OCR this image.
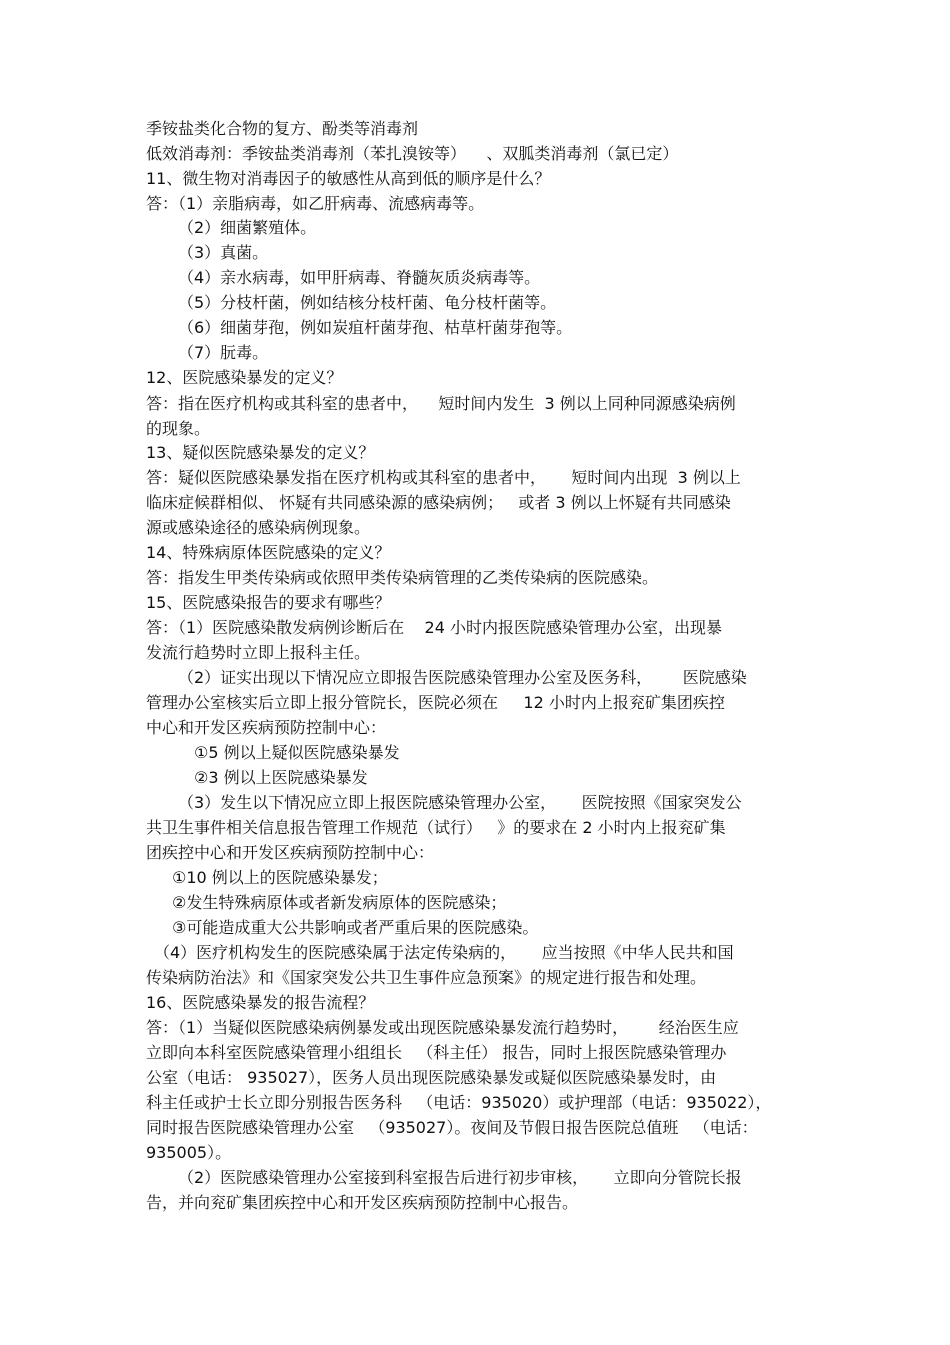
季铵盐类化合物的复方、酚类等消毒剂

低效消毒剂：季铵盐类消毒剂（苯扎溴铵等）    、双胍类消毒剂（氯已定）

11、微生物对消毒因子的敏感性从高到低的顺序是什么？

答：（1）亲脂病毒，如乙肝病毒、流感病毒等。

（2）细菌繁殖体。

（3）真菌。

（4）亲水病毒，如甲肝病毒、脊髓灰质炎病毒等。

（5）分枝杆菌，例如结核分枝杆菌、龟分枝杆菌等。

（6）细菌芽孢，例如炭疽杆菌芽孢、枯草杆菌芽孢等。

（7）朊毒。

12、医院感染暴发的定义？

答：指在医疗机构或其科室的患者中，    短时间内发生  3 例以上同种同源感染病例

的现象。

13、疑似医院感染暴发的定义？

答：疑似医院感染暴发指在医疗机构或其科室的患者中，     短时间内出现  3 例以上

临床症候群相似、 怀疑有共同感染源的感染病例；   或者 3 例以上怀疑有共同感染

源或感染途径的感染病例现象。

14、特殊病原体医院感染的定义？

答：指发生甲类传染病或依照甲类传染病管理的乙类传染病的医院感染。

15、医院感染报告的要求有哪些？

答：（1）医院感染散发病例诊断后在    24 小时内报医院感染管理办公室，出现暴

发流行趋势时立即上报科主任。

（2）证实出现以下情况应立即报告医院感染管理办公室及医务科，      医院感染

管理办公室核实后立即上报分管院长，医院必须在     12 小时内上报兖矿集团疾控

中心和开发区疾病预防控制中心：

①5 例以上疑似医院感染暴发

②3 例以上医院感染暴发

（3）发生以下情况应立即上报医院感染管理办公室，     医院按照《国家突发公

共卫生事件相关信息报告管理工作规范（试行）   》的要求在 2 小时内上报兖矿集

团疾控中心和开发区疾病预防控制中心：

①10 例以上的医院感染暴发；

②发生特殊病原体或者新发病原体的医院感染；

③可能造成重大公共影响或者严重后果的医院感染。

（4）医疗机构发生的医院感染属于法定传染病的，     应当按照《中华人民共和国

传染病防治法》和《国家突发公共卫生事件应急预案》的规定进行报告和处理。

16、医院感染暴发的报告流程？

答：（1）当疑似医院感染病例暴发或出现医院感染暴发流行趋势时，      经治医生应

立即向本科室医院感染管理小组组长   （科主任） 报告，同时上报医院感染管理办

公室（电话： 935027），医务人员出现医院感染暴发或疑似医院感染暴发时，由

科主任或护士长立即分别报告医务科   （电话：935020）或护理部（电话：935022），

同时报告医院感染管理办公室   （935027）。夜间及节假日报告医院总值班   （电话：

935005）。

（2）医院感染管理办公室接到科室报告后进行初步审核，     立即向分管院长报

告，并向兖矿集团疾控中心和开发区疾病预防控制中心报告。
